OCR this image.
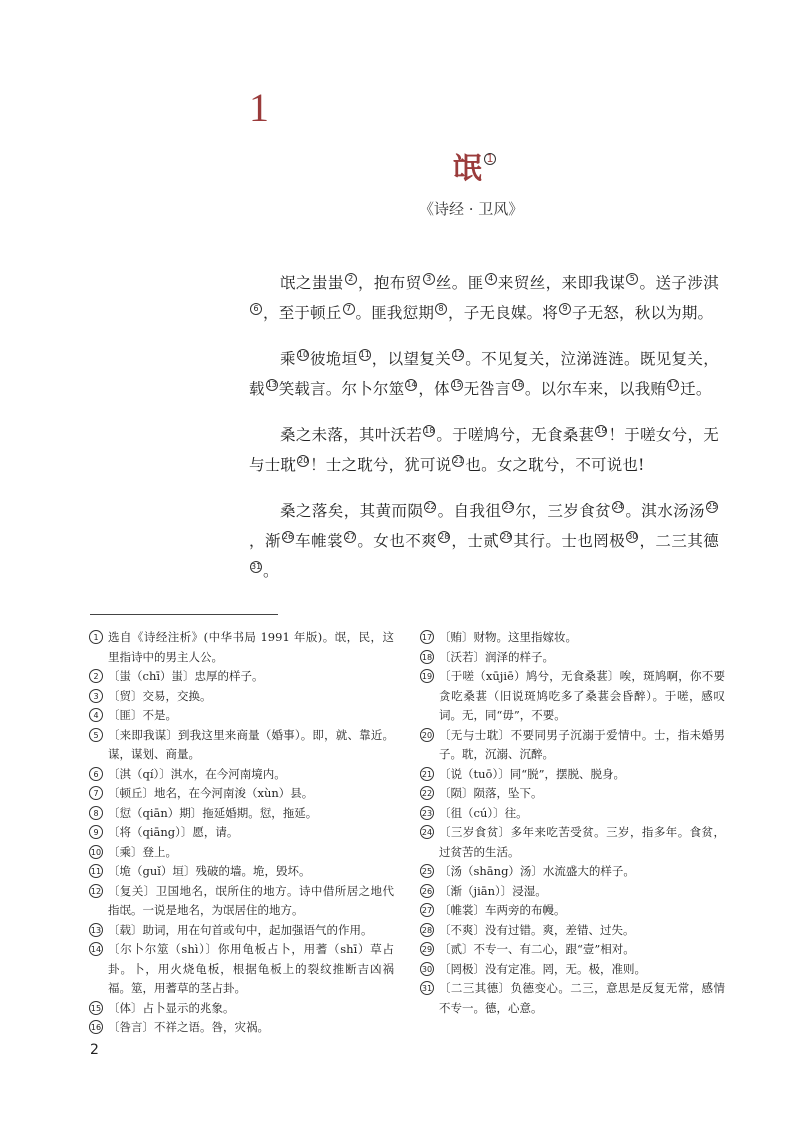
1
氓 $^1$
《诗经 · 卫风》

氓之蚩蚩 2 ，抱布贸 3 丝。匪 4 来贸丝，来即我谋 5 。送子涉淇6 ，至于顿丘 7 。匪我愆期 8 ，子无良媒。将 9 子无怒，秋以为期。

乘 10 彼垝垣 11 ，以望复关 12 。不见复关，泣涕涟涟。既见复关，载 13 笑载言。尔卜尔筮 14 ，体 15 无咎言 16 。以尔车来，以我贿 17 迁。

桑之未落，其叶沃若 18 。于嗟鸠兮，无食桑葚 19 ！于嗟女兮，无与士耽 20 ！士之耽兮，犹可说 21 也。女之耽兮，不可说也!

桑之落矣，其黄而陨 22 。自我徂 23 尔，三岁食贫 24 。淇水汤汤 25，渐 26 车帷裳 27 。女也不爽 28 ，士贰 29 其行。士也罔极 30 ，二三其德31 。

1 选自《诗经注析》(中华书局 1991 年版)。氓，民，这里指诗中的男主人公。
2 〔蚩（chī）蚩〕忠厚的样子。
3 〔贸〕交易，交换。
4 〔匪〕不是。
5 〔来即我谋〕到我这里来商量（婚事）。即，就、靠近。谋，谋划、商量。
6 〔淇（qí）〕淇水，在今河南境内。
7 〔顿丘〕地名，在今河南浚（xùn）县。
8 〔愆（qiān）期〕拖延婚期。愆，拖延。
9 〔将（qiāng）〕愿，请。
10 〔乘〕登上。
11 〔垝（guǐ）垣〕残破的墙。垝，毁坏。
12 〔复关〕卫国地名，氓所住的地方。诗中借所居之地代指氓。一说是地名，为氓居住的地方。
13 〔载〕助词，用在句首或句中，起加强语气的作用。
14 〔尔卜尔筮（shì）〕你用龟板占卜，用蓍（shī）草占卦。卜，用火烧龟板，根据龟板上的裂纹推断吉凶祸福。筮，用蓍草的茎占卦。
15 〔体〕占卜显示的兆象。
16 〔咎言〕不祥之语。咎，灾祸。
17 〔贿〕财物。这里指嫁妆。
18 〔沃若〕润泽的样子。
19 〔于嗟（xūjiē）鸠兮，无食桑葚〕唉，斑鸠啊，你不要贪吃桑葚（旧说斑鸠吃多了桑葚会昏醉）。于嗟，感叹词。无，同“毋”，不要。
20 〔无与士耽〕不要同男子沉溺于爱情中。士，指未婚男子。耽，沉溺、沉醉。
21 〔说（tuō）〕同“脱”，摆脱、脱身。
22 〔陨〕陨落，坠下。
23 〔徂（cú）〕往。
24 〔三岁食贫〕多年来吃苦受贫。三岁，指多年。食贫，过贫苦的生活。
25 〔汤（shāng）汤〕水流盛大的样子。
26 〔渐（jiān）〕浸湿。
27 〔帷裳〕车两旁的布幔。
28 〔不爽〕没有过错。爽，差错、过失。
29 〔贰〕不专一、有二心，跟“壹”相对。
30 〔罔极〕没有定准。罔，无。极，准则。
31 〔二三其德〕负德变心。二三，意思是反复无常，感情不专一。德，心意。
2
